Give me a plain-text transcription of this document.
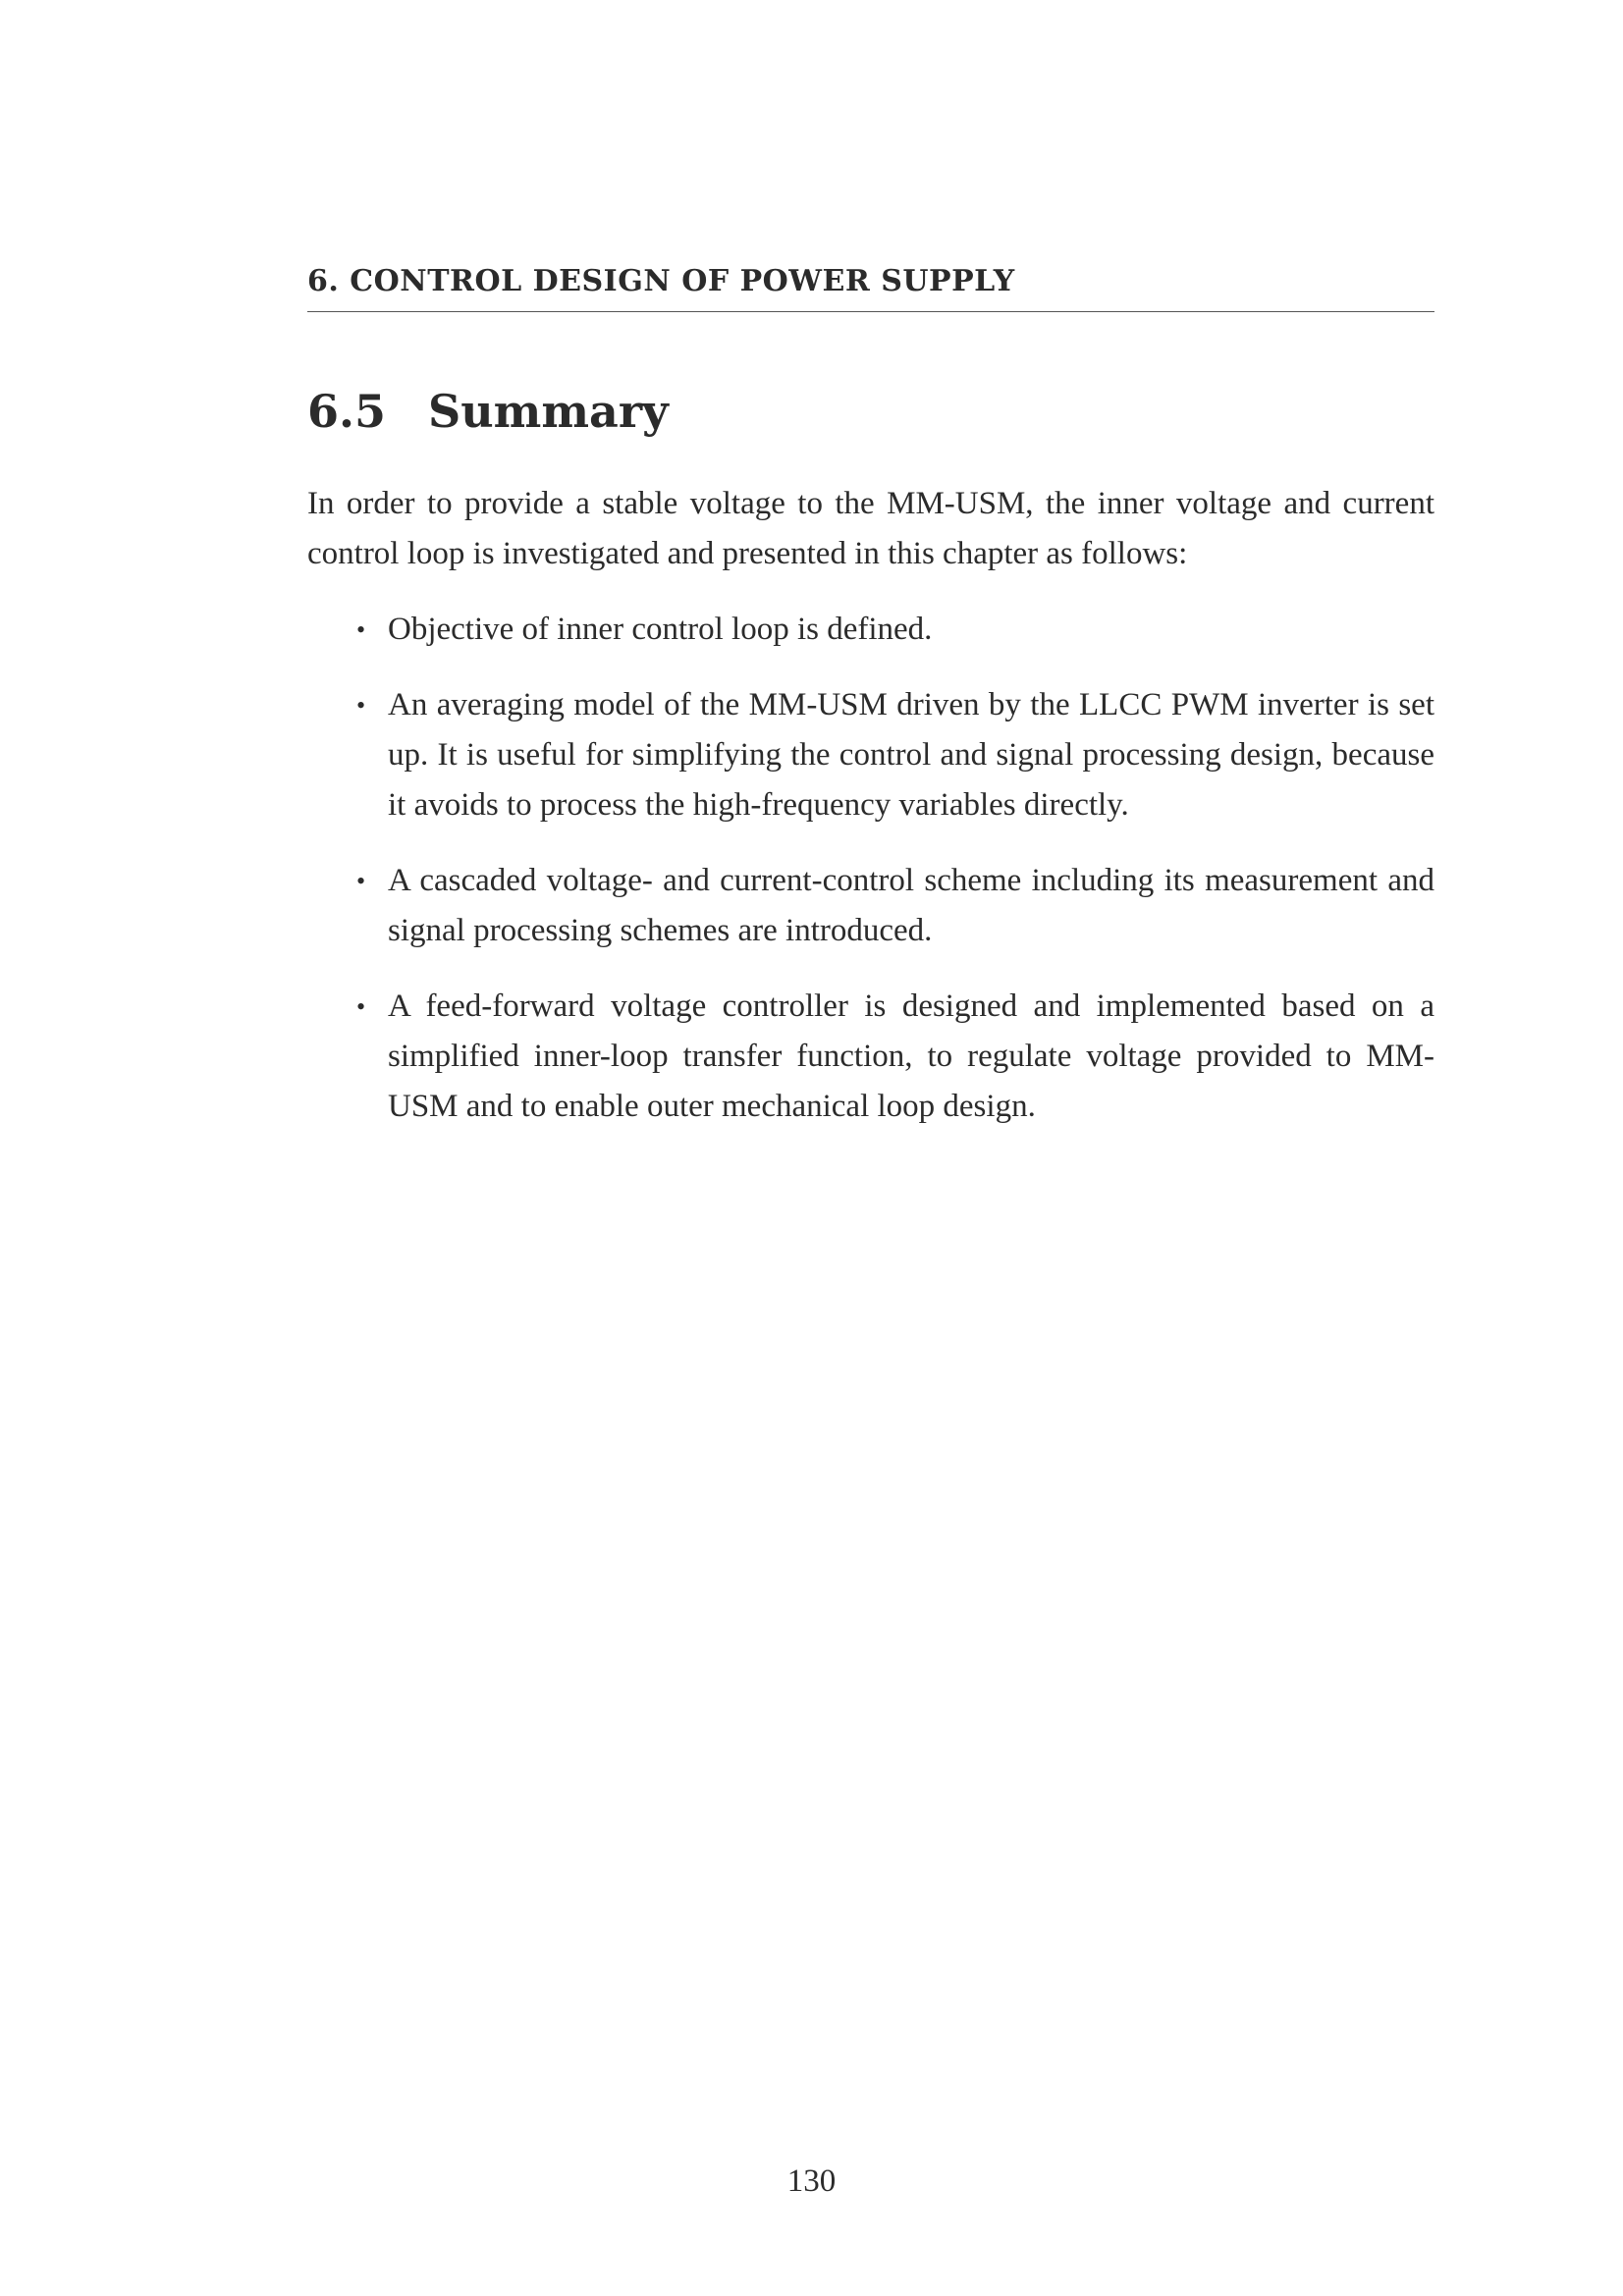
6. CONTROL DESIGN OF POWER SUPPLY
6.5 Summary

In order to provide a stable voltage to the MM-USM, the inner voltage and current control loop is investigated and presented in this chapter as follows:

• Objective of inner control loop is defined.
• An averaging model of the MM-USM driven by the LLCC PWM inverter is set up. It is useful for simplifying the control and signal processing design, because it avoids to process the high-frequency variables directly.
• A cascaded voltage- and current-control scheme including its measurement and signal processing schemes are introduced.
• A feed-forward voltage controller is designed and implemented based on a simplified inner-loop transfer function, to regulate voltage provided to MM-USM and to enable outer mechanical loop design.
130
